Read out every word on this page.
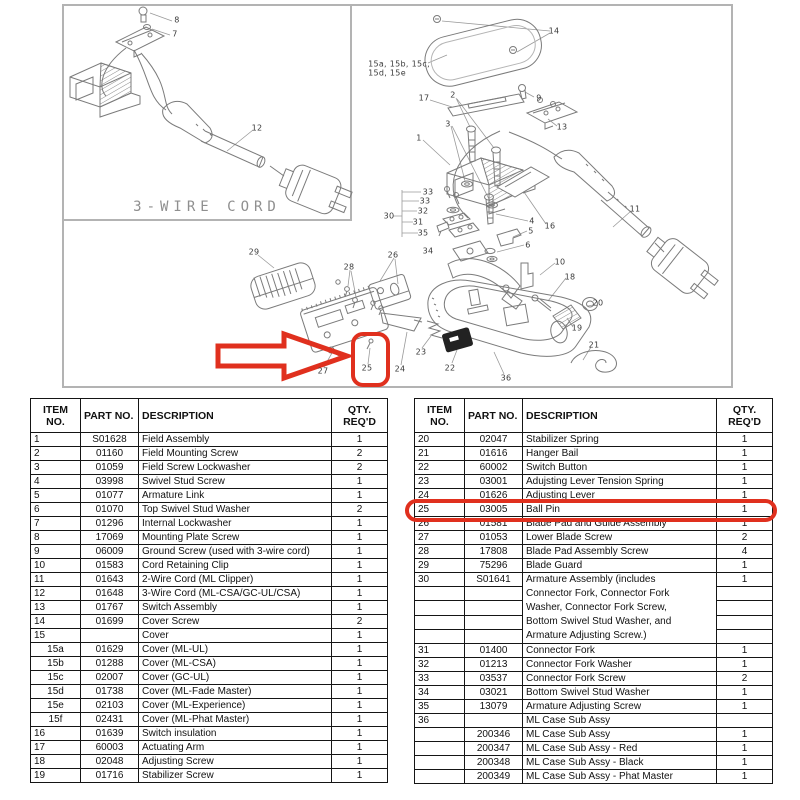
8
7
12
14
15a, 15b, 15c,
15d, 15e
17	2	9
3	13
1
33
33
32
30
31
35
34
26
4
5
6
16
10
18
11
29
28
27	25	24
23
22
36
19
20
21
3-WIRE CORD
ITEM
NO.	PART NO.	DESCRIPTION	QTY.
REQ'D

1	S01628	Field Assembly	1
2	01160	Field Mounting Screw	2
3	01059	Field Screw Lockwasher	2
4	03998	Swivel Stud Screw	1
5	01077	Armature Link	1
6	01070	Top Swivel Stud Washer	2
7	01296	Internal Lockwasher	1
8	17069	Mounting Plate Screw	1
9	06009	Ground Screw (used with 3-wire cord)	1
10	01583	Cord Retaining Clip	1
11	01643	2-Wire Cord (ML Clipper)	1
12	01648	3-Wire Cord (ML-CSA/GC-UL/CSA)	1
13	01767	Switch Assembly	1
14	01699	Cover Screw	2
15		Cover	1
15a	01629	Cover (ML-UL)	1
15b	01288	Cover (ML-CSA)	1
15c	02007	Cover (GC-UL)	1
15d	01738	Cover (ML-Fade Master)	1
15e	02103	Cover (ML-Experience)	1
15f	02431	Cover (ML-Phat Master)	1
16	01639	Switch insulation	1
17	60003	Actuating Arm	1
18	02048	Adjusting Screw	1
19	01716	Stabilizer Screw	1
ITEM
NO.	PART NO.	DESCRIPTION	QTY.
REQ'D

20	02047	Stabilizer Spring	1
21	01616	Hanger Bail	1
22	60002	Switch Button	1
23	03001	Adujsting Lever Tension Spring	1
24	01626	Adjusting Lever	1
25	03005	Ball Pin	1
26	01581	Blade Pad and Guide Assembly	1
27	01053	Lower Blade Screw	2
28	17808	Blade Pad Assembly Screw	4
29	75296	Blade Guard	1
30	S01641	Armature Assembly (includes
Connector Fork, Connector Fork
Washer, Connector Fork Screw,
Bottom Swivel Stud Washer, and
Armature Adjusting Screw.)	1

31	01400	Connector Fork	1
32	01213	Connector Fork Washer	1
33	03537	Connector Fork Screw	2
34	03021	Bottom Swivel Stud Washer	1
35	13079	Armature Adjusting Screw	1
36		ML Case Sub Assy	
	200346	ML Case Sub Assy	1
	200347	ML Case Sub Assy - Red	1
	200348	ML Case Sub Assy - Black	1
	200349	ML Case Sub Assy - Phat Master	1
